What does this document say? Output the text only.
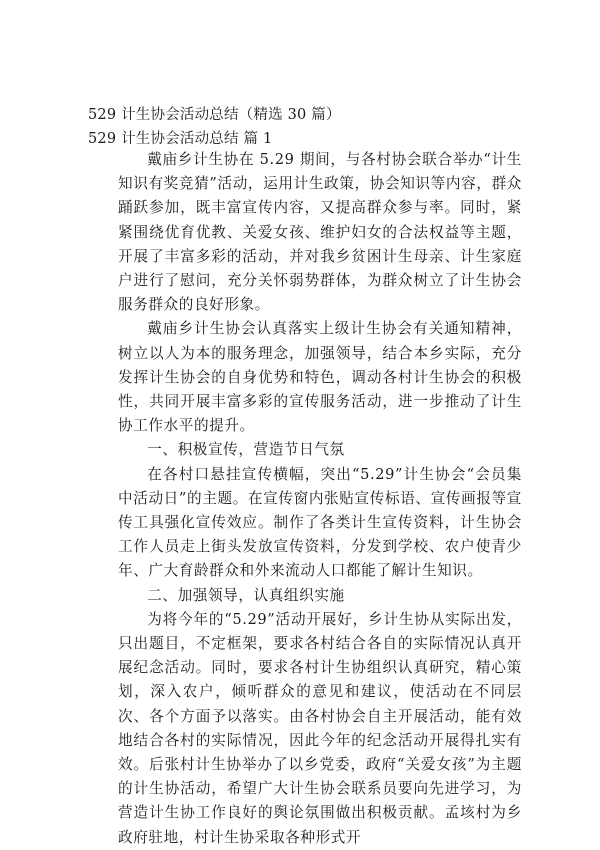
529 计生协会活动总结（精选 30 篇）
529 计生协会活动总结 篇 1

戴庙乡计生协在 5.29 期间，与各村协会联合举办“计生知识有奖竞猜”活动，运用计生政策，协会知识等内容，群众踊跃参加，既丰富宣传内容，又提高群众参与率。同时，紧紧围绕优育优教、关爱女孩、维护妇女的合法权益等主题，开展了丰富多彩的活动，并对我乡贫困计生母亲、计生家庭户进行了慰问，充分关怀弱势群体，为群众树立了计生协会服务群众的良好形象。

戴庙乡计生协会认真落实上级计生协会有关通知精神，树立以人为本的服务理念，加强领导，结合本乡实际，充分发挥计生协会的自身优势和特色，调动各村计生协会的积极性，共同开展丰富多彩的宣传服务活动，进一步推动了计生协工作水平的提升。

一、积极宣传，营造节日气氛

在各村口悬挂宣传横幅，突出“5.29”计生协会“会员集中活动日”的主题。在宣传窗内张贴宣传标语、宣传画报等宣传工具强化宣传效应。制作了各类计生宣传资料，计生协会工作人员走上街头发放宣传资料，分发到学校、农户使青少年、广大育龄群众和外来流动人口都能了解计生知识。

二、加强领导，认真组织实施

为将今年的“5.29”活动开展好，乡计生协从实际出发，只出题目，不定框架，要求各村结合各自的实际情况认真开展纪念活动。同时，要求各村计生协组织认真研究，精心策划，深入农户，倾听群众的意见和建议，使活动在不同层次、各个方面予以落实。由各村协会自主开展活动，能有效地结合各村的实际情况，因此今年的纪念活动开展得扎实有效。后张村计生协举办了以乡党委，政府“关爱女孩”为主题的计生协活动，希望广大计生协会联系员要向先进学习，为营造计生协工作良好的舆论氛围做出积极贡献。孟垓村为乡政府驻地，村计生协采取各种形式开
